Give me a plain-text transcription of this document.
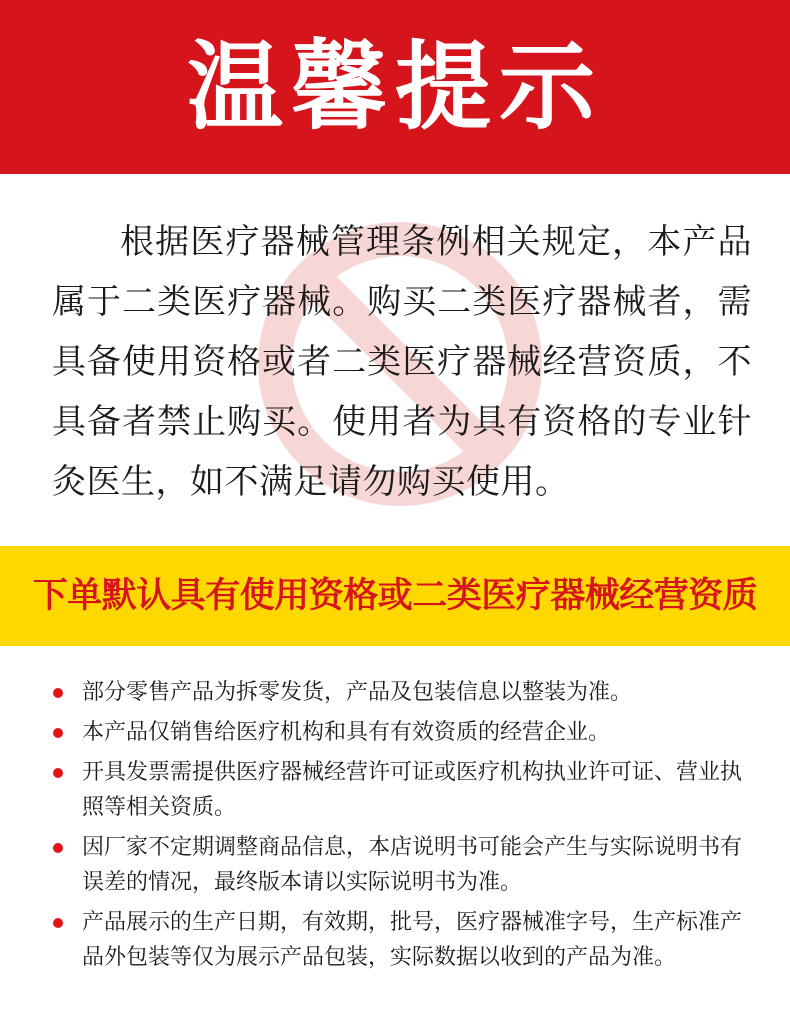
温馨提示
根据医疗器械管理条例相关规定，本产品属于二类医疗器械。购买二类医疗器械者，需具备使用资格或者二类医疗器械经营资质，不具备者禁止购买。使用者为具有资格的专业针灸医生，如不满足请勿购买使用。
下单默认具有使用资格或二类医疗器械经营资质
部分零售产品为拆零发货，产品及包装信息以整装为准。
本产品仅销售给医疗机构和具有有效资质的经营企业。
开具发票需提供医疗器械经营许可证或医疗机构执业许可证、营业执照等相关资质。
因厂家不定期调整商品信息，本店说明书可能会产生与实际说明书有误差的情况，最终版本请以实际说明书为准。
产品展示的生产日期，有效期，批号，医疗器械准字号，生产标准产品外包装等仅为展示产品包装，实际数据以收到的产品为准。
